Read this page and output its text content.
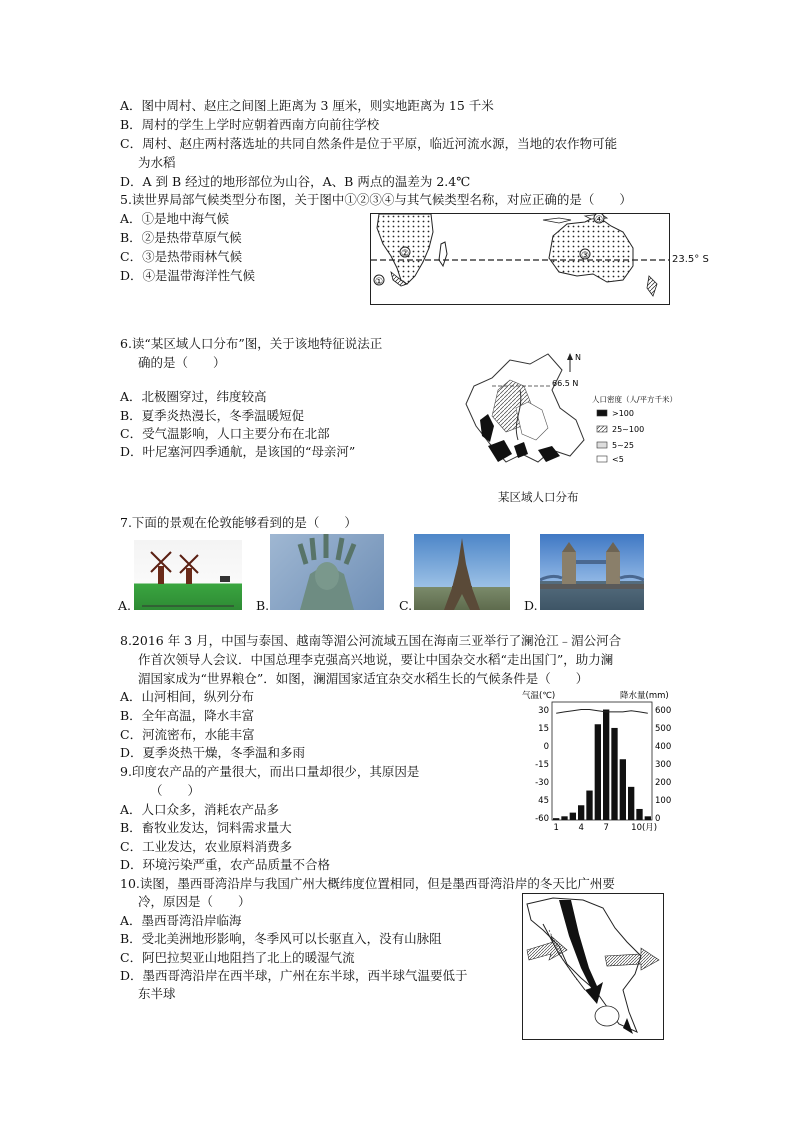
A．图中周村、赵庄之间图上距离为 3 厘米，则实地距离为 15 千米
B．周村的学生上学时应朝着西南方向前往学校
C．周村、赵庄两村落选址的共同自然条件是位于平原，临近河流水源，当地的农作物可能
为水稻
D．A 到 B 经过的地形部位为山谷，A、B 两点的温差为 2.4℃
5.读世界局部气候类型分布图，关于图中①②③④与其气候类型名称，对应正确的是（　　）
A．①是地中海气候
B．②是热带草原气候
C．③是热带雨林气候
D．④是温带海洋性气候	①
②	③
④
23.5° S
6.读“某区域人口分布”图，关于该地特征说法正
确的是（　　）
A．北极圈穿过，纬度较高
B．夏季炎热漫长，冬季温暖短促
C．受气温影响，人口主要分布在北部
D．叶尼塞河四季通航，是该国的“母亲河”
N
66.5 N
人口密度（人/平方千米）
>100
25~100
5~25
<5
某区域人口分布
7.下面的景观在伦敦能够看到的是（　　）
A.	B.	C.	D.
8.2016 年 3 月，中国与泰国、越南等湄公河流域五国在海南三亚举行了澜沧江﹣湄公河合
作首次领导人会议．中国总理李克强高兴地说，要让中国杂交水稻“走出国门”，助力澜
湄国家成为“世界粮仓”．如图，澜湄国家适宜杂交水稻生长的气候条件是（　　）
A．山河相间，纵列分布
B．全年高温，降水丰富
C．河流密布，水能丰富
D．夏季炎热干燥，冬季温和多雨
气温(℃)	降水量(mm)
30
15
0
-15
-30
45
-60
600
500
400
300
200
100
0
1 4 7	10(月)
9.印度农产品的产量很大，而出口量却很少，其原因是
（　　）
A．人口众多，消耗农产品多
B．畜牧业发达，饲料需求量大
C．工业发达，农业原料消费多
D．环境污染严重，农产品质量不合格
10.读图，墨西哥湾沿岸与我国广州大概纬度位置相同，但是墨西哥湾沿岸的冬天比广州要
冷，原因是（　　）
A．墨西哥湾沿岸临海
B．受北美洲地形影响，冬季风可以长驱直入，没有山脉阻
C．阿巴拉契亚山地阻挡了北上的暖湿气流
D．墨西哥湾沿岸在西半球，广州在东半球，西半球气温要低于
东半球
